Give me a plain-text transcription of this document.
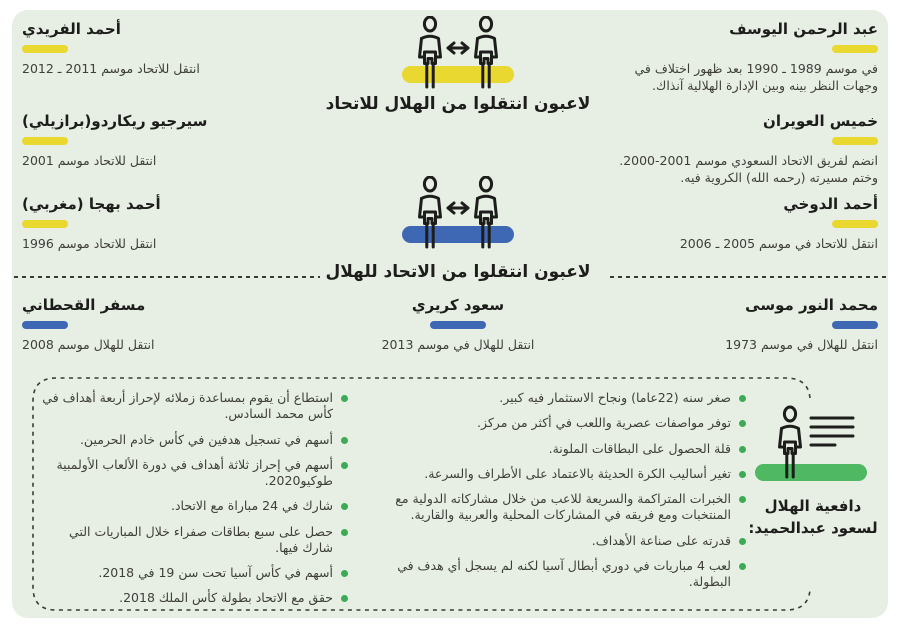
عبد الرحمن اليوسف
في موسم 1989 ـ 1990 بعد ظهور اختلاف في وجهات النظر بينه وبين الإدارة الهلالية آنذاك.
خميس العويران
انضم لفريق الاتحاد السعودي موسم 2001-2000. وختم مسيرته (رحمه الله) الكروية فيه.
أحمد الدوخي
انتقل للاتحاد في موسم 2005 ـ 2006
محمد النور موسى
انتقل للهلال في موسم 1973
أحمد الفريدي
انتقل للاتحاد موسم 2011 ـ 2012
سيرجيو ريكاردو(برازيلي)
انتقل للاتحاد موسم 2001
أحمد بهجا (مغربي)
انتقل للاتحاد موسم 1996
مسفر القحطاني
انتقل للهلال موسم 2008
لاعبون انتقلوا من الهلال للاتحاد
لاعبون انتقلوا من الاتحاد للهلال
سعود كريري
انتقل للهلال في موسم 2013
صغر سنه (22عاما) ونجاح الاستثمار فيه كبير.
توفر مواصفات عصرية واللعب في أكثر من مركز.
قلة الحصول على البطاقات الملونة.
تغير أساليب الكرة الحديثة بالاعتماد على الأطراف والسرعة.
الخبرات المتراكمة والسريعة للاعب من خلال مشاركاته الدولية مع المنتخبات ومع فريقه في المشاركات المحلية والعربية والقارية.
قدرته على صناعة الأهداف.
لعب 4 مباريات في دوري أبطال آسيا لكنه لم يسجل أي هدف في البطولة.
استطاع أن يقوم بمساعدة زملائه لإحراز أربعة أهداف في كأس محمد السادس.
أسهم في تسجيل هدفين في كأس خادم الحرمين.
أسهم في إحراز ثلاثة أهداف في دورة الألعاب الأولمبية طوكيو2020.
شارك في 24 مباراة مع الاتحاد.
حصل على سبع بطاقات صفراء خلال المباريات التي شارك فيها.
أسهم في كأس آسيا تحت سن 19 في 2018.
حقق مع الاتحاد بطولة كأس الملك 2018.
دافعية الهلال لسعود عبدالحميد:
